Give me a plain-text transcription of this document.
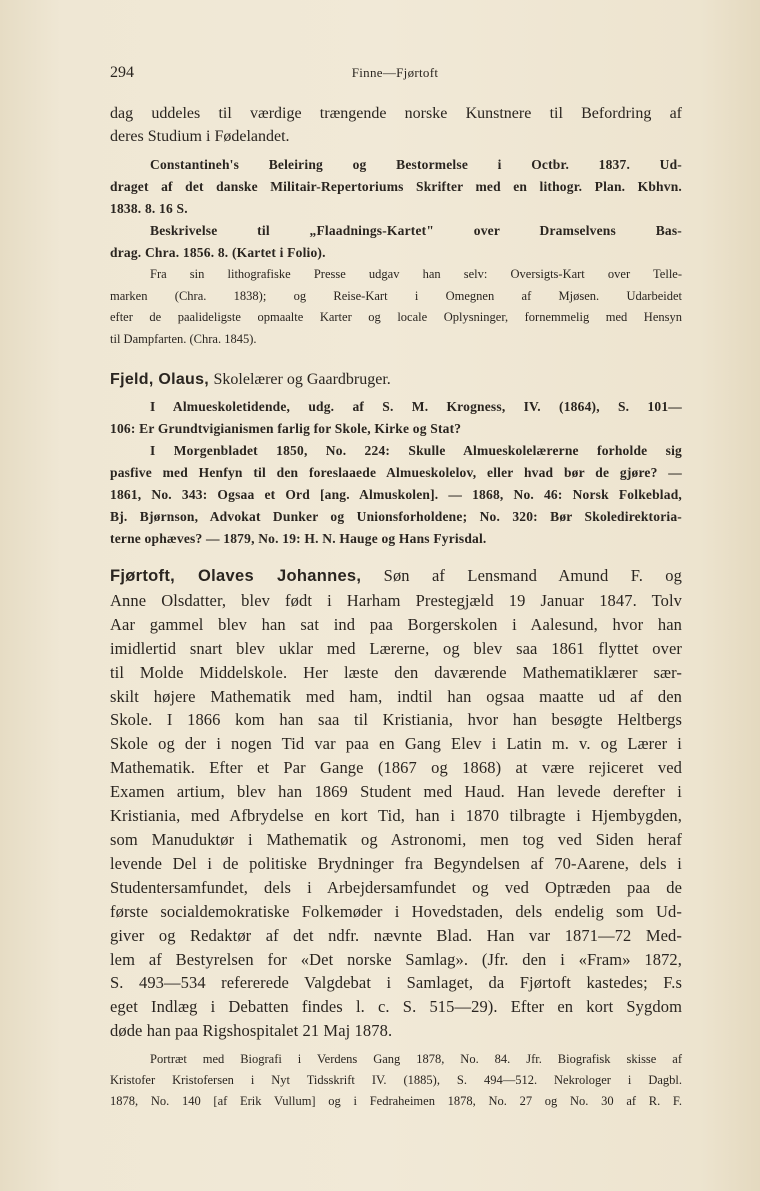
294	Finne—Fjørtoft

dag uddeles til værdige trængende norske Kunstnere til Befordring af

deres Studium i Fødelandet.

Constantineh's Beleiring og Bestormelse i Octbr. 1837. Ud-

draget af det danske Militair-Repertoriums Skrifter med en lithogr. Plan. Kbhvn.

1838. 8. 16 S.

Beskrivelse til „Flaadnings-Kartet" over Dramselvens Bas-

drag. Chra. 1856. 8. (Kartet i Folio).

Fra sin lithografiske Presse udgav han selv: Oversigts-Kart over Telle-

marken (Chra. 1838); og Reise-Kart i Omegnen af Mjøsen. Udarbeidet

efter de paalideligste opmaalte Karter og locale Oplysninger, fornemmelig med Hensyn

til Dampfarten. (Chra. 1845).

Fjeld, Olaus, Skolelærer og Gaardbruger.

I Almueskoletidende, udg. af S. M. Krogness, IV. (1864), S. 101—

106: Er Grundtvigianismen farlig for Skole, Kirke og Stat?

I Morgenbladet 1850, No. 224: Skulle Almueskolelærerne forholde sig

pasfive med Henfyn til den foreslaaede Almueskolelov, eller hvad bør de gjøre? —

1861, No. 343: Ogsaa et Ord [ang. Almuskolen]. — 1868, No. 46: Norsk Folkeblad,

Bj. Bjørnson, Advokat Dunker og Unionsforholdene; No. 320: Bør Skoledirektoria-

terne ophæves? — 1879, No. 19: H. N. Hauge og Hans Fyrisdal.

Fjørtoft, Olaves Johannes, Søn af Lensmand Amund F. og

Anne Olsdatter, blev født i Harham Prestegjæld 19 Januar 1847. Tolv

Aar gammel blev han sat ind paa Borgerskolen i Aalesund, hvor han

imidlertid snart blev uklar med Lærerne, og blev saa 1861 flyttet over

til Molde Middelskole. Her læste den daværende Mathematiklærer sær-

skilt højere Mathematik med ham, indtil han ogsaa maatte ud af den

Skole. I 1866 kom han saa til Kristiania, hvor han besøgte Heltbergs

Skole og der i nogen Tid var paa en Gang Elev i Latin m. v. og Lærer i

Mathematik. Efter et Par Gange (1867 og 1868) at være rejiceret ved

Examen artium, blev han 1869 Student med Haud. Han levede derefter i

Kristiania, med Afbrydelse en kort Tid, han i 1870 tilbragte i Hjembygden,

som Manuduktør i Mathematik og Astronomi, men tog ved Siden heraf

levende Del i de politiske Brydninger fra Begyndelsen af 70-Aarene, dels i

Studentersamfundet, dels i Arbejdersamfundet og ved Optræden paa de

første socialdemokratiske Folkemøder i Hovedstaden, dels endelig som Ud-

giver og Redaktør af det ndfr. nævnte Blad. Han var 1871—72 Med-

lem af Bestyrelsen for «Det norske Samlag». (Jfr. den i «Fram» 1872,

S. 493—534 refererede Valgdebat i Samlaget, da Fjørtoft kastedes; F.s

eget Indlæg i Debatten findes l. c. S. 515—29). Efter en kort Sygdom

døde han paa Rigshospitalet 21 Maj 1878.

Portræt med Biografi i Verdens Gang 1878, No. 84. Jfr. Biografisk skisse af

Kristofer Kristofersen i Nyt Tidsskrift IV. (1885), S. 494—512. Nekrologer i Dagbl.

1878, No. 140 [af Erik Vullum] og i Fedraheimen 1878, No. 27 og No. 30 af R. F.
